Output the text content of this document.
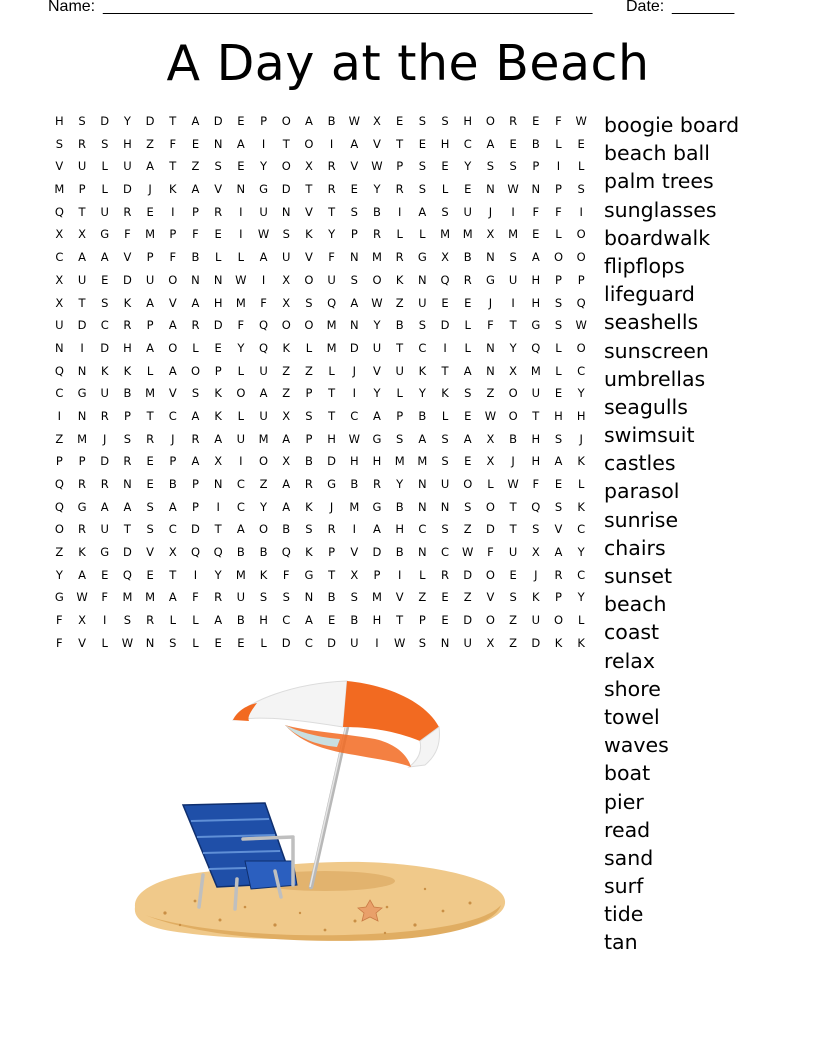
Name:

_______________________________________________________

Date:

_______

A Day at the Beach
H	S	D	Y	D	T	A	D	E	P	O	A	B	W	X	E	S	S	H	O	R	E	F	W
S	R	S	H	Z	F	E	N	A	I	T	O	I	A	V	T	E	H	C	A	E	B	L	E
V	U	L	U	A	T	Z	S	E	Y	O	X	R	V	W	P	S	E	Y	S	S	P	I	L
M	P	L	D	J	K	A	V	N	G	D	T	R	E	Y	R	S	L	E	N	W	N	P	S
Q	T	U	R	E	I	P	R	I	U	N	V	T	S	B	I	A	S	U	J	I	F	F	I
X	X	G	F	M	P	F	E	I	W	S	K	Y	P	R	L	L	M	M	X	M	E	L	O
C	A	A	V	P	F	B	L	L	A	U	V	F	N	M	R	G	X	B	N	S	A	O	O
X	U	E	D	U	O	N	N	W	I	X	O	U	S	O	K	N	Q	R	G	U	H	P	P
X	T	S	K	A	V	A	H	M	F	X	S	Q	A	W	Z	U	E	E	J	I	H	S	Q
U	D	C	R	P	A	R	D	F	Q	O	O	M	N	Y	B	S	D	L	F	T	G	S	W
N	I	D	H	A	O	L	E	Y	Q	K	L	M	D	U	T	C	I	L	N	Y	Q	L	O
Q	N	K	K	L	A	O	P	L	U	Z	Z	L	J	V	U	K	T	A	N	X	M	L	C
C	G	U	B	M	V	S	K	O	A	Z	P	T	I	Y	L	Y	K	S	Z	O	U	E	Y
I	N	R	P	T	C	A	K	L	U	X	S	T	C	A	P	B	L	E	W	O	T	H	H
Z	M	J	S	R	J	R	A	U	M	A	P	H	W	G	S	A	S	A	X	B	H	S	J
P	P	D	R	E	P	A	X	I	O	X	B	D	H	H	M	M	S	E	X	J	H	A	K
Q	R	R	N	E	B	P	N	C	Z	A	R	G	B	R	Y	N	U	O	L	W	F	E	L
Q	G	A	A	S	A	P	I	C	Y	A	K	J	M	G	B	N	N	S	O	T	Q	S	K
O	R	U	T	S	C	D	T	A	O	B	S	R	I	A	H	C	S	Z	D	T	S	V	C
Z	K	G	D	V	X	Q	Q	B	B	Q	K	P	V	D	B	N	C	W	F	U	X	A	Y
Y	A	E	Q	E	T	I	Y	M	K	F	G	T	X	P	I	L	R	D	O	E	J	R	C
G	W	F	M	M	A	F	R	U	S	S	N	B	S	M	V	Z	E	Z	V	S	K	P	Y
F	X	I	S	R	L	L	A	B	H	C	A	E	B	H	T	P	E	D	O	Z	U	O	L
F	V	L	W	N	S	L	E	E	L	D	C	D	U	I	W	S	N	U	X	Z	D	K	K
boogie board
beach ball
palm trees
sunglasses
boardwalk
flipflops
lifeguard
seashells
sunscreen
umbrellas
seagulls
swimsuit
castles
parasol
sunrise
chairs
sunset
beach
coast
relax
shore
towel
waves
boat
pier
read
sand
surf
tide
tan
